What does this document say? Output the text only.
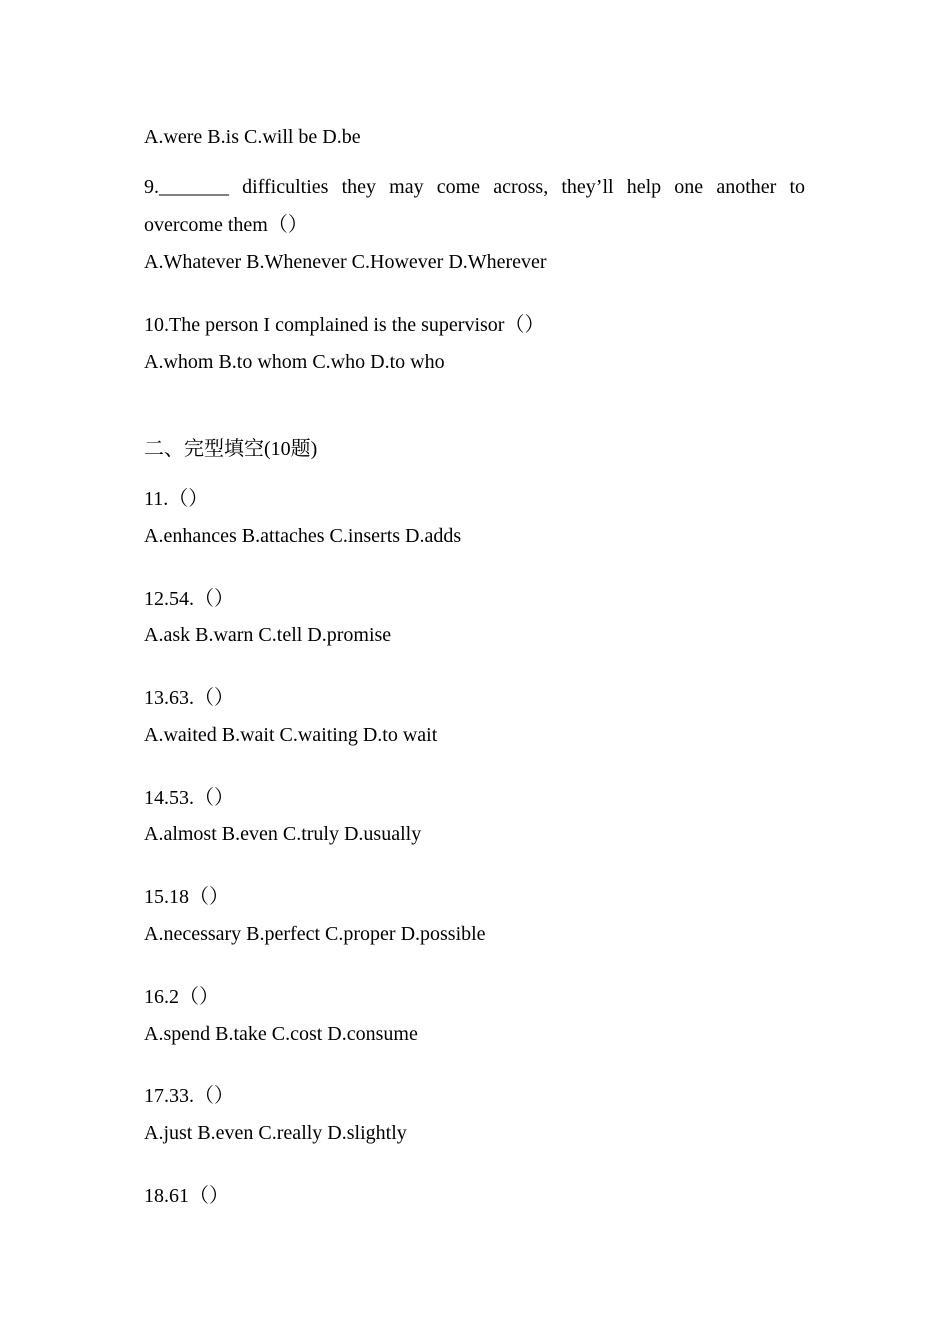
A.were B.is C.will be D.be
9._______ difficulties they may come across, they’ll help one another to
overcome them（）
A.Whatever B.Whenever C.However D.Wherever
10.The person I complained is the supervisor（）
A.whom B.to whom C.who D.to who
二、完型填空(10题)
11.（）
A.enhances B.attaches C.inserts D.adds
12.54.（）
A.ask B.warn C.tell D.promise
13.63.（）
A.waited B.wait C.waiting D.to wait
14.53.（）
A.almost B.even C.truly D.usually
15.18（）
A.necessary B.perfect C.proper D.possible
16.2（）
A.spend B.take C.cost D.consume
17.33.（）
A.just B.even C.really D.slightly
18.61（）
